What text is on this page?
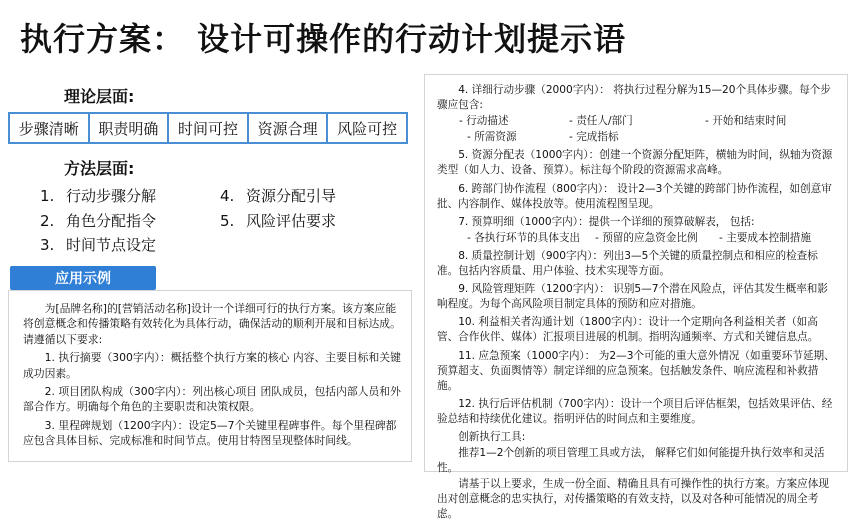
执行方案： 设计可操作的行动计划提示语
理论层面:
步骤清晰	职责明确	时间可控	资源合理	风险可控
方法层面:
1. 行动步骤分解
2. 角色分配指令
3. 时间节点设定
4. 资源分配引导
5. 风险评估要求
应用示例

为[品牌名称]的[营销活动名称]设计一个详细可行的执行方案。该方案应能将创意概念和传播策略有效转化为具体行动，确保活动的顺利开展和目标达成。请遵循以下要求:

1. 执行摘要（300字内）：概括整个执行方案的核心 内容、主要目标和关键成功因素。

2. 项目团队构成（300字内）：列出核心项目 团队成员，包括内部人员和外部合作方。明确每个角色的主要职责和决策权限。

3. 里程碑规划（1200字内）：设定5—7个关键里程碑事件。每个里程碑都应包含具体目标、完成标准和时间节点。使用甘特图呈现整体时间线。

4. 详细行动步骤（2000字内）： 将执行过程分解为15—20个具体步骤。每个步骤应包含:

- 行动描述	- 责任人/部门	- 开始和结束时间
- 所需资源	- 完成指标

5. 资源分配表（1000字内）：创建一个资源分配矩阵，横轴为时间，纵轴为资源类型（如人力、设备、预算）。标注每个阶段的资源需求高峰。

6. 跨部门协作流程（800字内）： 设计2—3个关键的跨部门协作流程，如创意审批、内容制作、媒体投放等。使用流程图呈现。

7. 预算明细（1000字内）：提供一个详细的预算破解表， 包括:

- 各执行环节的具体支出	- 预留的应急资金比例	- 主要成本控制措施

8. 质量控制计划（900字内）：列出3—5个关键的质量控制点和相应的检查标准。包括内容质量、用户体验、技术实现等方面。

9. 风险管理矩阵（1200字内）： 识别5—7个潜在风险点，评估其发生概率和影响程度。为每个高风险项目制定具体的预防和应对措施。

10. 利益相关者沟通计划（1800字内）：设计一个定期向各利益相关者（如高管、合作伙伴、媒体）汇报项目进展的机制。指明沟通频率、方式和关键信息点。

11. 应急预案（1000字内）： 为2—3个可能的重大意外情况（如重要环节延期、预算超支、负面舆情等）制定详细的应急预案。包括触发条件、响应流程和补救措施。

12. 执行后评估机制（700字内）：设计一个项目后评估框架，包括效果评估、经验总结和持续优化建议。指明评估的时间点和主要维度。

创新执行工具:

推荐1—2个创新的项目管理工具或方法， 解释它们如何能提升执行效率和灵活性。

请基于以上要求，生成一份全面、精确且具有可操作性的执行方案。方案应体现出对创意概念的忠实执行，对传播策略的有效支持，以及对各种可能情况的周全考虑。
